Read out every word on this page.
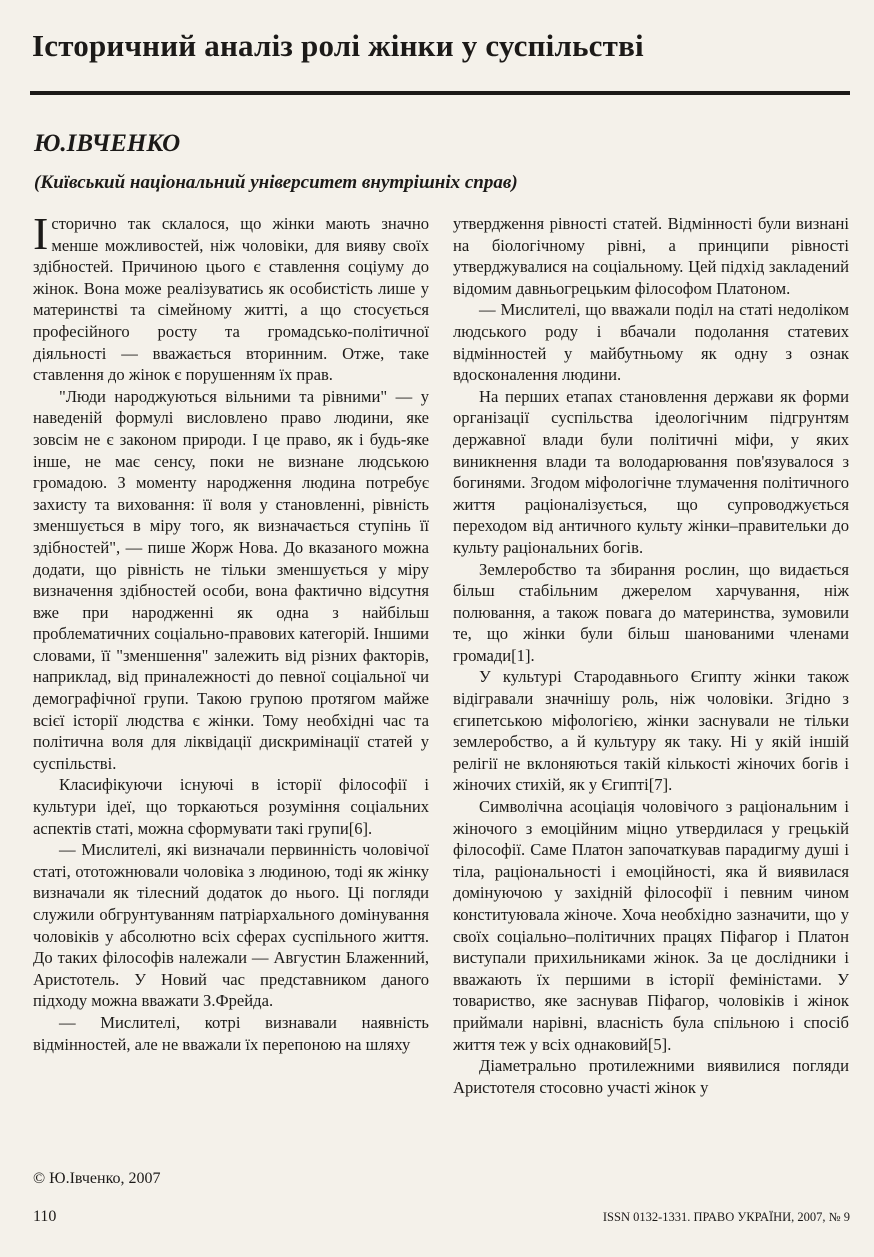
Історичний аналіз ролі жінки у суспільстві
Ю.ІВЧЕНКО
(Київський національний університет внутрішніх справ)

Історично так склалося, що жінки мають значно менше можливостей, ніж чоловіки, для вияву своїх здібностей. Причиною цього є ставлення соціуму до жінок. Вона може реалізуватись як особистість лише у материнстві та сімейному житті, а що стосується професійного росту та громадсько-політичної діяльності — вважається вторинним. Отже, таке ставлення до жінок є порушенням їх прав.

"Люди народжуються вільними та рівними" — у наведеній формулі висловлено право людини, яке зовсім не є законом природи. І це право, як і будь-яке інше, не має сенсу, поки не визнане людською громадою. З моменту народження людина потребує захисту та виховання: її воля у становленні, рівність зменшується в міру того, як визначається ступінь її здібностей", — пише Жорж Нова. До вказаного можна додати, що рівність не тільки зменшується у міру визначення здібностей особи, вона фактично відсутня вже при народженні як одна з найбільш проблематичних соціально-правових категорій. Іншими словами, її "зменшення" залежить від різних факторів, наприклад, від приналежності до певної соціальної чи демографічної групи. Такою групою протягом майже всієї історії людства є жінки. Тому необхідні час та політична воля для ліквідації дискримінації статей у суспільстві.

Класифікуючи існуючі в історії філософії і культури ідеї, що торкаються розуміння соціальних аспектів статі, можна сформувати такі групи[6].

— Мислителі, які визначали первинність чоловічої статі, ототожнювали чоловіка з людиною, тоді як жінку визначали як тілесний додаток до нього. Ці погляди служили обгрунтуванням патріархального домінування чоловіків у абсолютно всіх сферах суспільного життя. До таких філософів належали — Августин Блаженний, Аристотель. У Новий час представником даного підходу можна вважати З.Фрейда.

— Мислителі, котрі визнавали наявність відмінностей, але не вважали їх перепоною на шляху

утвердження рівності статей. Відмінності були визнані на біологічному рівні, а принципи рівності утверджувалися на соціальному. Цей підхід закладений відомим давньогрецьким філософом Платоном.

— Мислителі, що вважали поділ на статі недоліком людського роду і вбачали подолання статевих відмінностей у майбутньому як одну з ознак вдосконалення людини.

На перших етапах становлення держави як форми організації суспільства ідеологічним підгрунтям державної влади були політичні міфи, у яких виникнення влади та володарювання пов'язувалося з богинями. Згодом міфологічне тлумачення політичного життя раціоналізується, що супроводжується переходом від античного культу жінки–правительки до культу раціональних богів.

Землеробство та збирання рослин, що видається більш стабільним джерелом харчування, ніж полювання, а також повага до материнства, зумовили те, що жінки були більш шанованими членами громади[1].

У культурі Стародавнього Єгипту жінки також відігравали значнішу роль, ніж чоловіки. Згідно з єгипетською міфологією, жінки заснували не тільки землеробство, а й культуру як таку. Ні у якій іншій релігії не вклоняються такій кількості жіночих богів і жіночих стихій, як у Єгипті[7].

Символічна асоціація чоловічого з раціональним і жіночого з емоційним міцно утвердилася у грецькій філософії. Саме Платон започаткував парадигму душі і тіла, раціональності і емоційності, яка й виявилася домінуючою у західній філософії і певним чином конституювала жіноче. Хоча необхідно зазначити, що у своїх соціально–політичних працях Піфагор і Платон виступали прихильниками жінок. За це дослідники і вважають їх першими в історії феміністами. У товариство, яке заснував Піфагор, чоловіків і жінок приймали нарівні, власність була спільною і спосіб життя теж у всіх однаковий[5].

Діаметрально протилежними виявилися погляди Аристотеля стосовно участі жінок у

© Ю.Івченко, 2007
110	ISSN 0132-1331. ПРАВО УКРАЇНИ, 2007, № 9
